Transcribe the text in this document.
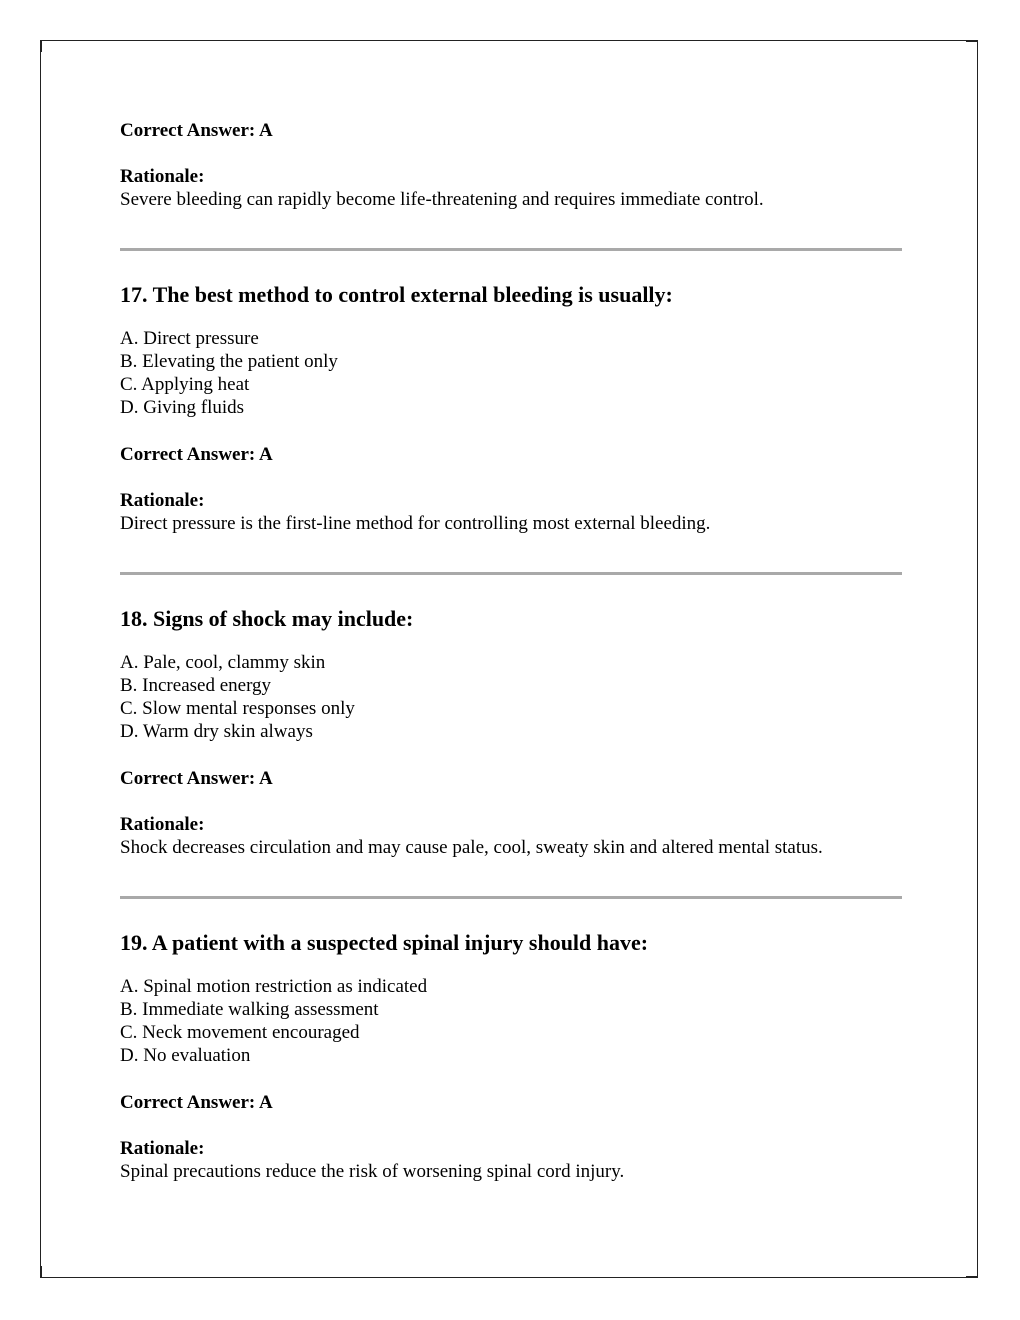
Correct Answer: A

Rationale:

Severe bleeding can rapidly become life-threatening and requires immediate control.

17. The best method to control external bleeding is usually:

A. Direct pressure

B. Elevating the patient only

C. Applying heat

D. Giving fluids

Correct Answer: A

Rationale:

Direct pressure is the first-line method for controlling most external bleeding.

18. Signs of shock may include:

A. Pale, cool, clammy skin

B. Increased energy

C. Slow mental responses only

D. Warm dry skin always

Correct Answer: A

Rationale:

Shock decreases circulation and may cause pale, cool, sweaty skin and altered mental status.

19. A patient with a suspected spinal injury should have:

A. Spinal motion restriction as indicated

B. Immediate walking assessment

C. Neck movement encouraged

D. No evaluation

Correct Answer: A

Rationale:

Spinal precautions reduce the risk of worsening spinal cord injury.
